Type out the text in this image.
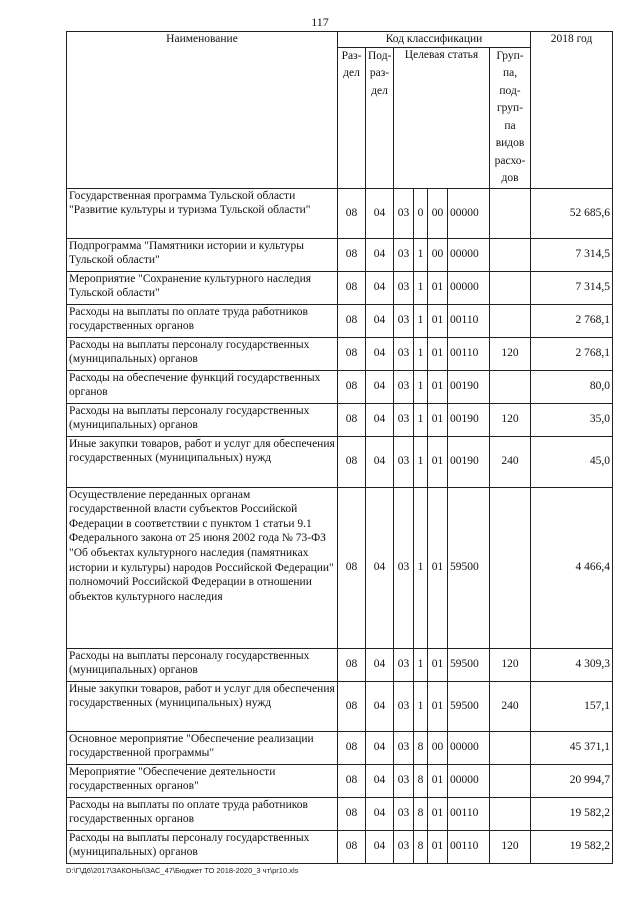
117
Наименование	Код классификации							2018 год
	Раз-дел	Под-раз-дел	Целевая статья				Груп-па, под-груп-па видов расхо-дов	
Государственная программа Тульской области "Развитие культуры и туризма Тульской области"	08	04	03	0	00	00000		52 685,6
Подпрограмма "Памятники истории и культуры Тульской области"	08	04	03	1	00	00000		7 314,5
Мероприятие "Сохранение культурного наследия Тульской области"	08	04	03	1	01	00000		7 314,5
Расходы на выплаты по оплате труда работников государственных органов	08	04	03	1	01	00110		2 768,1
Расходы на выплаты персоналу государственных (муниципальных) органов	08	04	03	1	01	00110	120	2 768,1
Расходы на обеспечение функций государственных органов	08	04	03	1	01	00190		80,0
Расходы на выплаты персоналу государственных (муниципальных) органов	08	04	03	1	01	00190	120	35,0
Иные закупки товаров, работ и услуг для обеспечения государственных (муниципальных) нужд	08	04	03	1	01	00190	240	45,0
Осуществление переданных органам государственной власти субъектов Российской Федерации в соответствии с пунктом 1 статьи 9.1 Федерального закона от 25 июня 2002 года № 73-ФЗ "Об объектах культурного наследия (памятниках истории и культуры) народов Российской Федерации" полномочий Российской Федерации в отношении объектов культурного наследия	08	04	03	1	01	59500		4 466,4
Расходы на выплаты персоналу государственных (муниципальных) органов	08	04	03	1	01	59500	120	4 309,3
Иные закупки товаров, работ и услуг для обеспечения государственных (муниципальных) нужд	08	04	03	1	01	59500	240	157,1
Основное мероприятие "Обеспечение реализации государственной программы"	08	04	03	8	00	00000		45 371,1
Мероприятие "Обеспечение деятельности государственных органов"	08	04	03	8	01	00000		20 994,7
Расходы на выплаты по оплате труда работников государственных органов	08	04	03	8	01	00110		19 582,2
Расходы на выплаты персоналу государственных (муниципальных) органов	08	04	03	8	01	00110	120	19 582,2
D:\Г\Д6\2017\ЗАКОНЫ\ЗАС_47\Бюджет ТО 2018-2020_3 чт\pr10.xls
